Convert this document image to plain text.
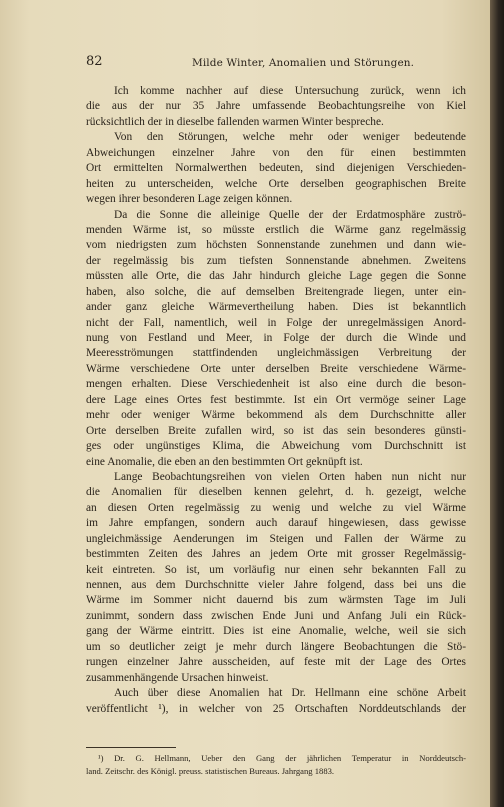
82	Milde Winter, Anomalien und Störungen.
Ich komme nachher auf diese Untersuchung zurück, wenn ich
die aus der nur 35 Jahre umfassende Beobachtungsreihe von Kiel
rücksichtlich der in dieselbe fallenden warmen Winter bespreche.
Von den Störungen, welche mehr oder weniger bedeutende
Abweichungen einzelner Jahre von den für einen bestimmten
Ort ermittelten Normalwerthen bedeuten, sind diejenigen Verschieden-
heiten zu unterscheiden, welche Orte derselben geographischen Breite
wegen ihrer besonderen Lage zeigen können.
Da die Sonne die alleinige Quelle der der Erdatmosphäre zuströ-
menden Wärme ist, so müsste erstlich die Wärme ganz regelmässig
vom niedrigsten zum höchsten Sonnenstande zunehmen und dann wie-
der regelmässig bis zum tiefsten Sonnenstande abnehmen. Zweitens
müssten alle Orte, die das Jahr hindurch gleiche Lage gegen die Sonne
haben, also solche, die auf demselben Breitengrade liegen, unter ein-
ander ganz gleiche Wärmevertheilung haben. Dies ist bekanntlich
nicht der Fall, namentlich, weil in Folge der unregelmässigen Anord-
nung von Festland und Meer, in Folge der durch die Winde und
Meeresströmungen stattfindenden ungleichmässigen Verbreitung der
Wärme verschiedene Orte unter derselben Breite verschiedene Wärme-
mengen erhalten. Diese Verschiedenheit ist also eine durch die beson-
dere Lage eines Ortes fest bestimmte. Ist ein Ort vermöge seiner Lage
mehr oder weniger Wärme bekommend als dem Durchschnitte aller
Orte derselben Breite zufallen wird, so ist das sein besonderes günsti-
ges oder ungünstiges Klima, die Abweichung vom Durchschnitt ist
eine Anomalie, die eben an den bestimmten Ort geknüpft ist.
Lange Beobachtungsreihen von vielen Orten haben nun nicht nur
die Anomalien für dieselben kennen gelehrt, d. h. gezeigt, welche
an diesen Orten regelmässig zu wenig und welche zu viel Wärme
im Jahre empfangen, sondern auch darauf hingewiesen, dass gewisse
ungleichmässige Aenderungen im Steigen und Fallen der Wärme zu
bestimmten Zeiten des Jahres an jedem Orte mit grosser Regelmässig-
keit eintreten. So ist, um vorläufig nur einen sehr bekannten Fall zu
nennen, aus dem Durchschnitte vieler Jahre folgend, dass bei uns die
Wärme im Sommer nicht dauernd bis zum wärmsten Tage im Juli
zunimmt, sondern dass zwischen Ende Juni und Anfang Juli ein Rück-
gang der Wärme eintritt. Dies ist eine Anomalie, welche, weil sie sich
um so deutlicher zeigt je mehr durch längere Beobachtungen die Stö-
rungen einzelner Jahre ausscheiden, auf feste mit der Lage des Ortes
zusammenhängende Ursachen hinweist.
Auch über diese Anomalien hat Dr. Hellmann eine schöne Arbeit
veröffentlicht ¹), in welcher von 25 Ortschaften Norddeutschlands der
¹) Dr. G. Hellmann, Ueber den Gang der jährlichen Temperatur in Norddeutsch-
land. Zeitschr. des Königl. preuss. statistischen Bureaus. Jahrgang 1883.
